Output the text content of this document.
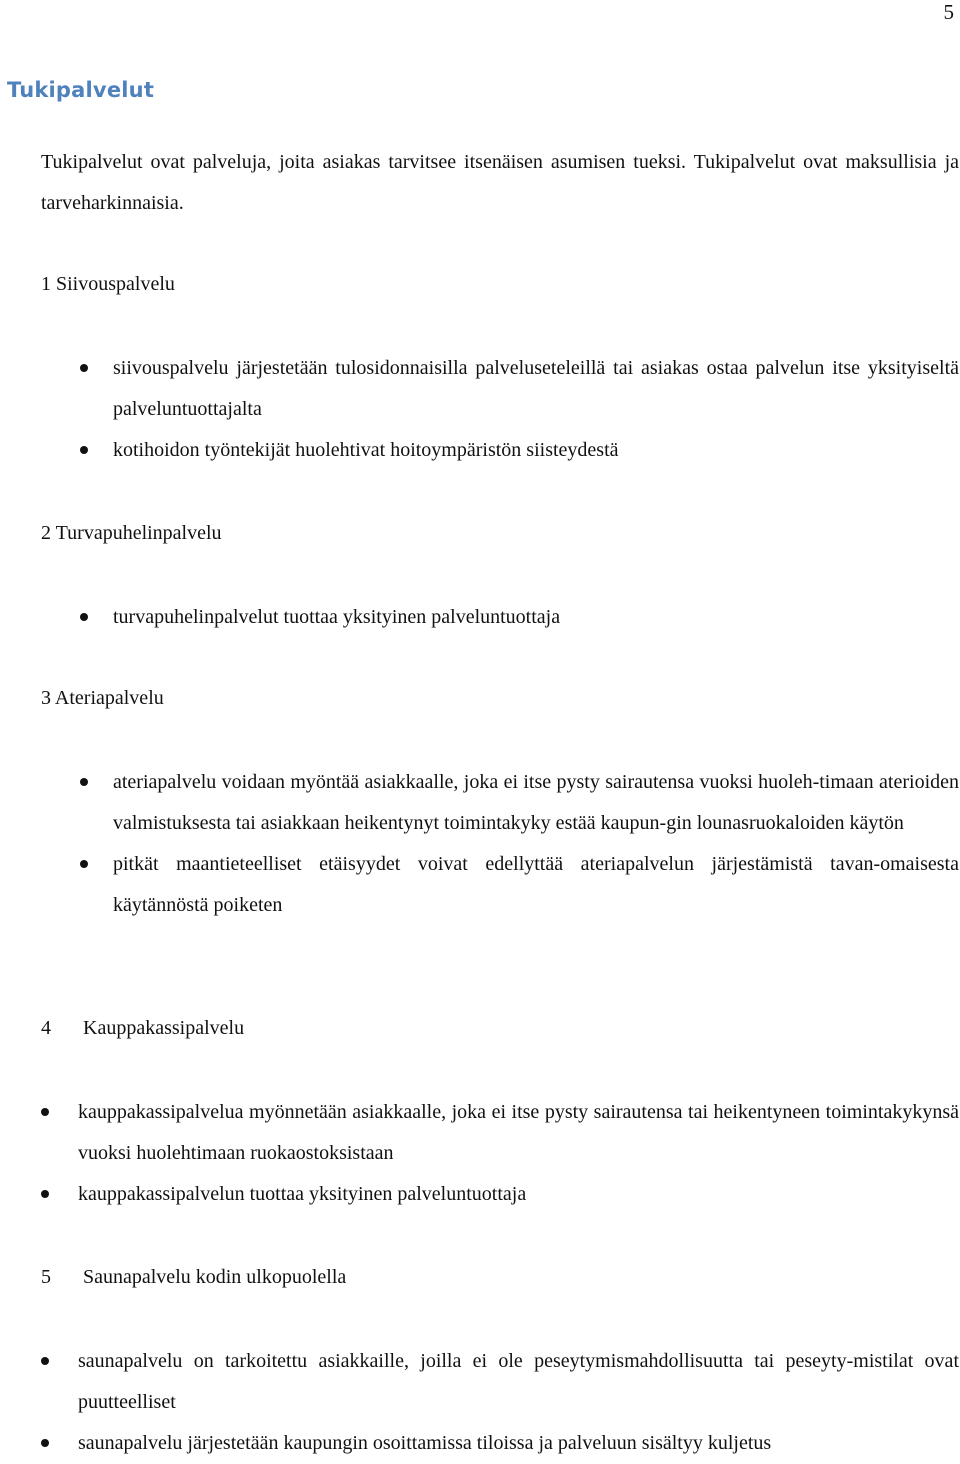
5
Tukipalvelut
Tukipalvelut ovat palveluja, joita asiakas tarvitsee itsenäisen asumisen tueksi. Tukipalvelut ovat maksullisia ja tarveharkinnaisia.
1 Siivouspalvelu
siivouspalvelu järjestetään tulosidonnaisilla palveluseteleillä tai asiakas ostaa palvelun itse yksityiseltä palveluntuottajalta
kotihoidon työntekijät huolehtivat hoitoympäristön siisteydestä
2 Turvapuhelinpalvelu
turvapuhelinpalvelut tuottaa yksityinen palveluntuottaja
3 Ateriapalvelu
ateriapalvelu voidaan myöntää asiakkaalle, joka ei itse pysty sairautensa vuoksi huoleh-timaan aterioiden valmistuksesta tai asiakkaan heikentynyt toimintakyky estää kaupun-gin lounasruokaloiden käytön
pitkät maantieteelliset etäisyydet voivat edellyttää ateriapalvelun järjestämistä tavan-omaisesta käytännöstä poiketen
4 Kauppakassipalvelu
kauppakassipalvelua myönnetään asiakkaalle, joka ei itse pysty sairautensa tai heikentyneen toimintakykynsä vuoksi huolehtimaan ruokaostoksistaan
kauppakassipalvelun tuottaa yksityinen palveluntuottaja
5 Saunapalvelu kodin ulkopuolella
saunapalvelu on tarkoitettu asiakkaille, joilla ei ole peseytymismahdollisuutta tai peseyty-mistilat ovat puutteelliset
saunapalvelu järjestetään kaupungin osoittamissa tiloissa ja palveluun sisältyy kuljetus
